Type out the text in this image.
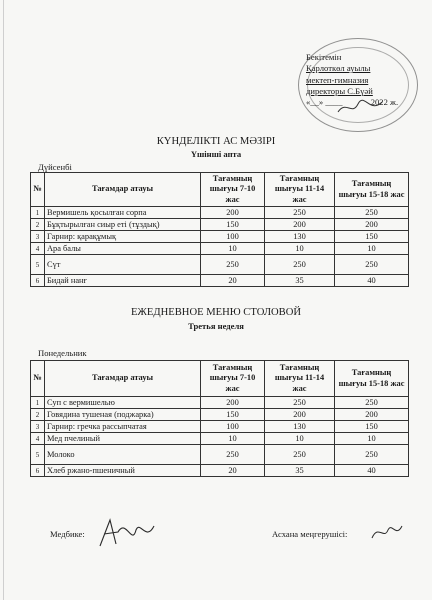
Бекітемін
Қарлоткөл ауылы
мектеп-гимназия
директоры С.Бүәй
«__» ____	2022 ж.
КҮНДЕЛІКТІ АС МӘЗІРІ
Үшінші апта
Дүйсенбі
№	Тағамдар атауы	Тағамның шығуы 7-10 жас	Тағамның шығуы 11-14 жас	Тағамның шығуы 15-18 жас
1	Вермишель қосылған сорпа	200	250	250
2	Бұқтырылған сиыр еті (тұздық)	150	200	200
3	Гарнир: қарақұмық	100	130	150
4	Ара балы	10	10	10
5	Сүт	250	250	250
6	Бидай нанғ	20	35	40
ЕЖЕДНЕВНОЕ МЕНЮ СТОЛОВОЙ
Третья неделя
Понедельник
№	Тағамдар атауы	Тағамның шығуы 7-10 жас	Тағамның шығуы 11-14 жас	Тағамның шығуы 15-18 жас
1	Суп с вермишелью	200	250	250
2	Говядина тушеная (поджарка)	150	200	200
3	Гарнир: гречка рассыпчатая	100	130	150
4	Мед пчелиный	10	10	10
5	Молоко	250	250	250
6	Хлеб ржано-пшеничный	20	35	40
Медбике:	Асхана меңгерушісі:
